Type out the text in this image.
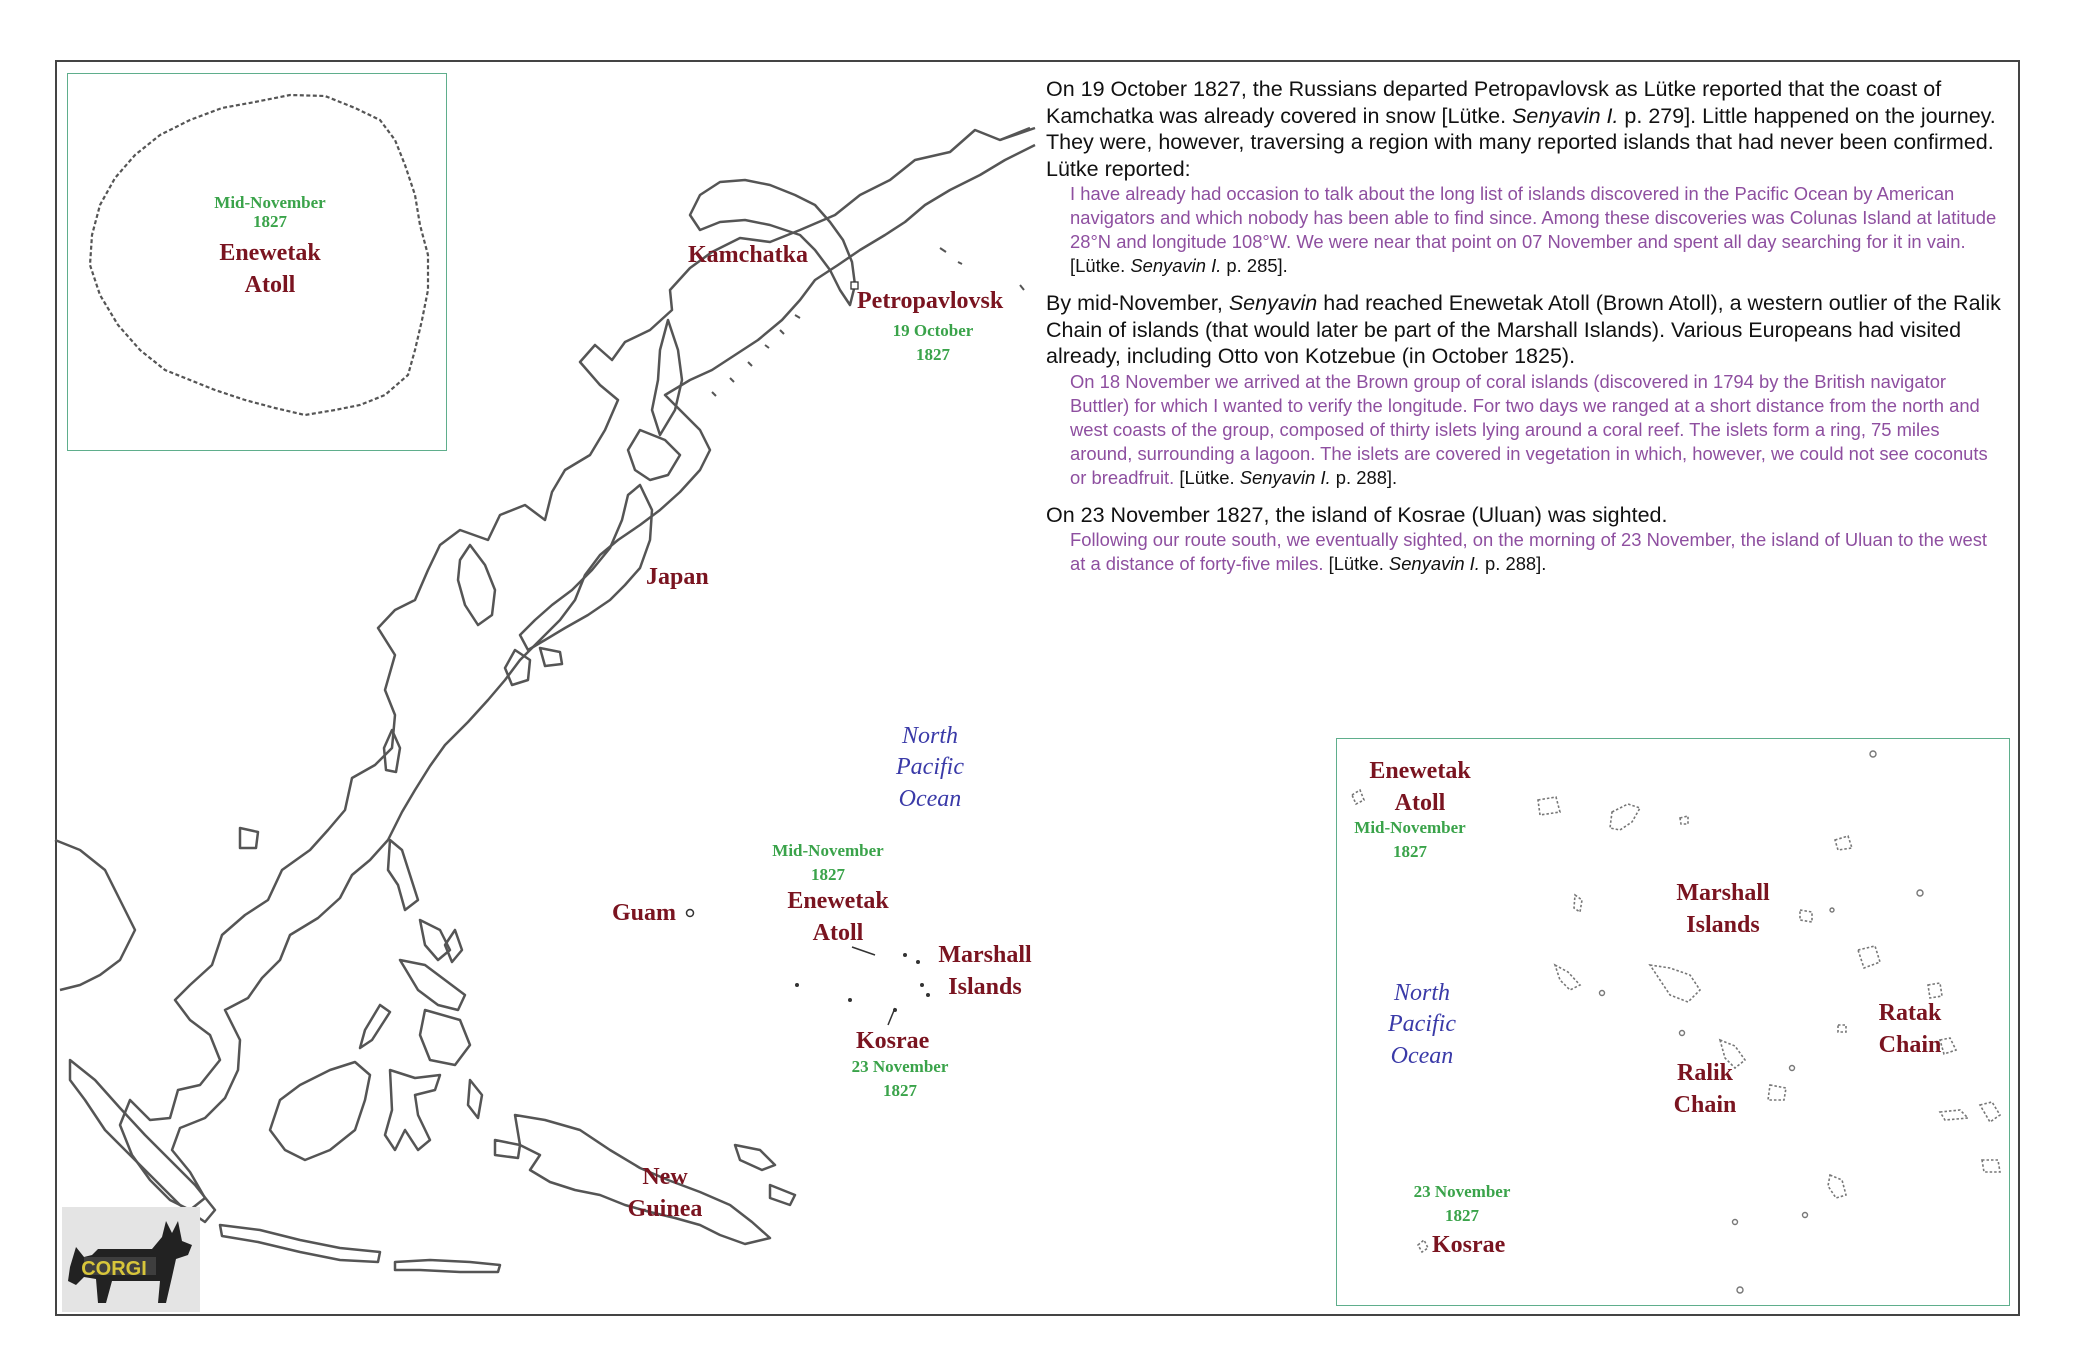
Mid-November
1827
Enewetak
Atoll
Kamchatka
Petropavlovsk
19 October
1827
Japan
North
Pacific
Ocean
Mid-November
1827
Enewetak
Atoll
Guam
Marshall
Islands
Kosrae
23 November
1827
New
Guinea
Enewetak
Atoll
Mid-November
1827
Marshall
Islands
North
Pacific
Ocean
Ratak
Chain
Ralik
Chain
23 November
1827
Kosrae

On 19 October 1827, the Russians departed Petropavlovsk as Lütke reported that the coast of Kamchatka was already covered in snow [Lütke. Senyavin I. p. 279]. Little happened on the journey. They were, however, traversing a region with many reported islands that had never been confirmed. Lütke reported:

I have already had occasion to talk about the long list of islands discovered in the Pacific Ocean by American navigators and which nobody has been able to find since. Among these discoveries was Colunas Island at latitude 28°N and longitude 108°W. We were near that point on 07 November and spent all day searching for it in vain. [Lütke. Senyavin I. p. 285].

By mid-November, Senyavin had reached Enewetak Atoll (Brown Atoll), a western outlier of the Ralik Chain of islands (that would later be part of the Marshall Islands). Various Europeans had visited already, including Otto von Kotzebue (in October 1825).

On 18 November we arrived at the Brown group of coral islands (discovered in 1794 by the British navigator Buttler) for which I wanted to verify the longitude. For two days we ranged at a short distance from the north and west coasts of the group, composed of thirty islets lying around a coral reef. The islets form a ring, 75 miles around, surrounding a lagoon. The islets are covered in vegetation in which, however, we could not see coconuts or breadfruit. [Lütke. Senyavin I. p. 288].

On 23 November 1827, the island of Kosrae (Uluan) was sighted.

Following our route south, we eventually sighted, on the morning of 23 November, the island of Uluan to the west at a distance of forty-five miles. [Lütke. Senyavin I. p. 288].

CORGI
